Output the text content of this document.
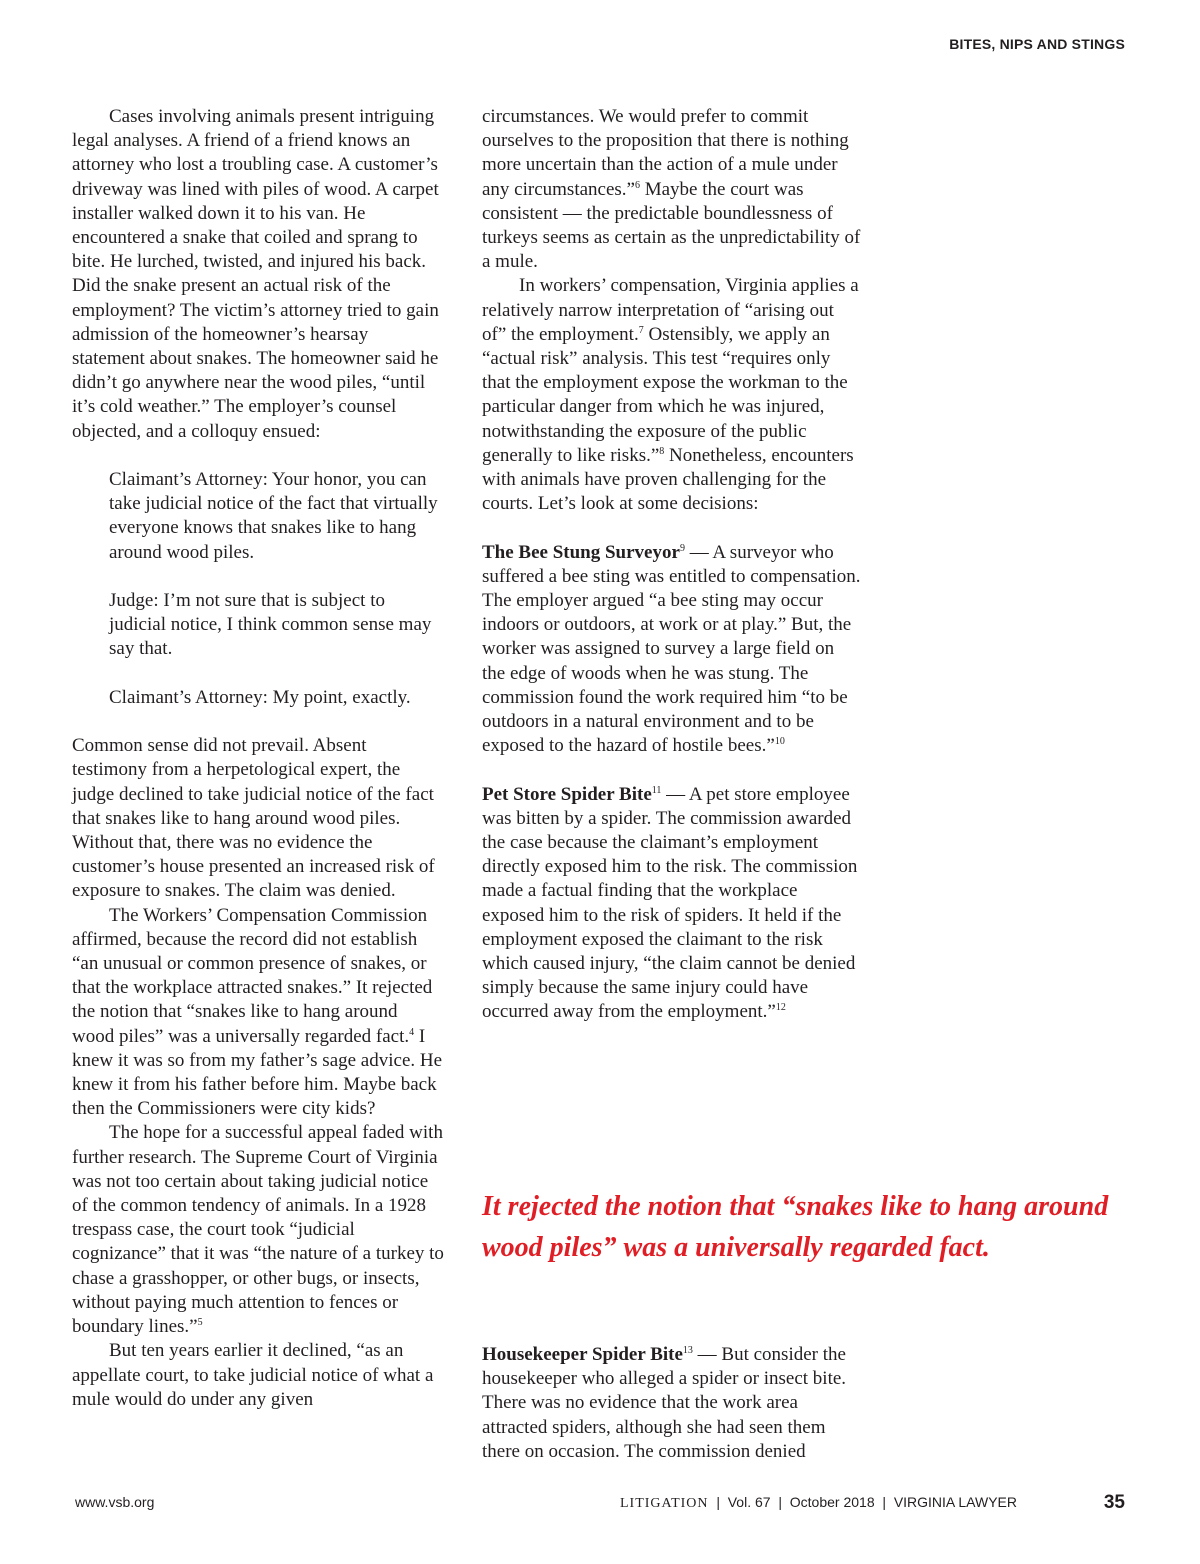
BITES, NIPS AND STINGS

Cases involving animals present intriguing legal analyses. A friend of a friend knows an attorney who lost a troubling case. A customer’s driveway was lined with piles of wood. A carpet installer walked down it to his van. He encountered a snake that coiled and sprang to bite. He lurched, twisted, and injured his back. Did the snake present an actual risk of the employment? The victim’s attorney tried to gain admission of the homeowner’s hearsay statement about snakes. The homeowner said he didn’t go anywhere near the wood piles, “until it’s cold weather.” The employer’s counsel objected, and a colloquy ensued:

Claimant’s Attorney: Your honor, you can take judicial notice of the fact that virtually everyone knows that snakes like to hang around wood piles.

Judge: I’m not sure that is subject to judicial notice, I think common sense may say that.

Claimant’s Attorney: My point, exactly.

Common sense did not prevail. Absent testimony from a herpetological expert, the judge declined to take judicial notice of the fact that snakes like to hang around wood piles. Without that, there was no evidence the customer’s house presented an increased risk of exposure to snakes. The claim was denied.

The Workers’ Compensation Commission affirmed, because the record did not establish “an unusual or common presence of snakes, or that the workplace attracted snakes.” It rejected the notion that “snakes like to hang around wood piles” was a universally regarded fact.$^4$ I knew it was so from my father’s sage advice. He knew it from his father before him. Maybe back then the Commissioners were city kids?

The hope for a successful appeal faded with further research. The Supreme Court of Virginia was not too certain about taking judicial notice of the common tendency of animals. In a 1928 trespass case, the court took “judicial cognizance” that it was “the nature of a turkey to chase a grasshopper, or other bugs, or insects, without paying much attention to fences or boundary lines.”$^5$

But ten years earlier it declined, “as an appellate court, to take judicial notice of what a mule would do under any given

circumstances. We would prefer to commit ourselves to the proposition that there is nothing more uncertain than the action of a mule under any circumstances.”$^6$ Maybe the court was consistent — the predictable boundlessness of turkeys seems as certain as the unpredictability of a mule.

In workers’ compensation, Virginia applies a relatively narrow interpretation of “arising out of” the employment.$^7$ Ostensibly, we apply an “actual risk” analysis. This test “requires only that the employment expose the workman to the particular danger from which he was injured, notwithstanding the exposure of the public generally to like risks.”$^8$ Nonetheless, encounters with animals have proven challenging for the courts. Let’s look at some decisions:

The Bee Stung Surveyor$^9$ — A surveyor who suffered a bee sting was entitled to compensation. The employer argued “a bee sting may occur indoors or outdoors, at work or at play.” But, the worker was assigned to survey a large field on the edge of woods when he was stung. The commission found the work required him “to be outdoors in a natural environment and to be exposed to the hazard of hostile bees.”$^{10}$

Pet Store Spider Bite$^{11}$ — A pet store employee was bitten by a spider. The commission awarded the case because the claimant’s employment directly exposed him to the risk. The commission made a factual finding that the workplace exposed him to the risk of spiders. It held if the employment exposed the claimant to the risk which caused injury, “the claim cannot be denied simply because the same injury could have occurred away from the employment.”$^{12}$

It rejected the notion that “snakes like to hang around
wood piles” was a universally regarded fact.

Housekeeper Spider Bite$^{13}$ — But consider the housekeeper who alleged a spider or insect bite. There was no evidence that the work area attracted spiders, although she had seen them there on occasion. The commission denied

www.vsb.org	LITIGATION | Vol. 67 | October 2018 | VIRGINIA LAWYER	35
